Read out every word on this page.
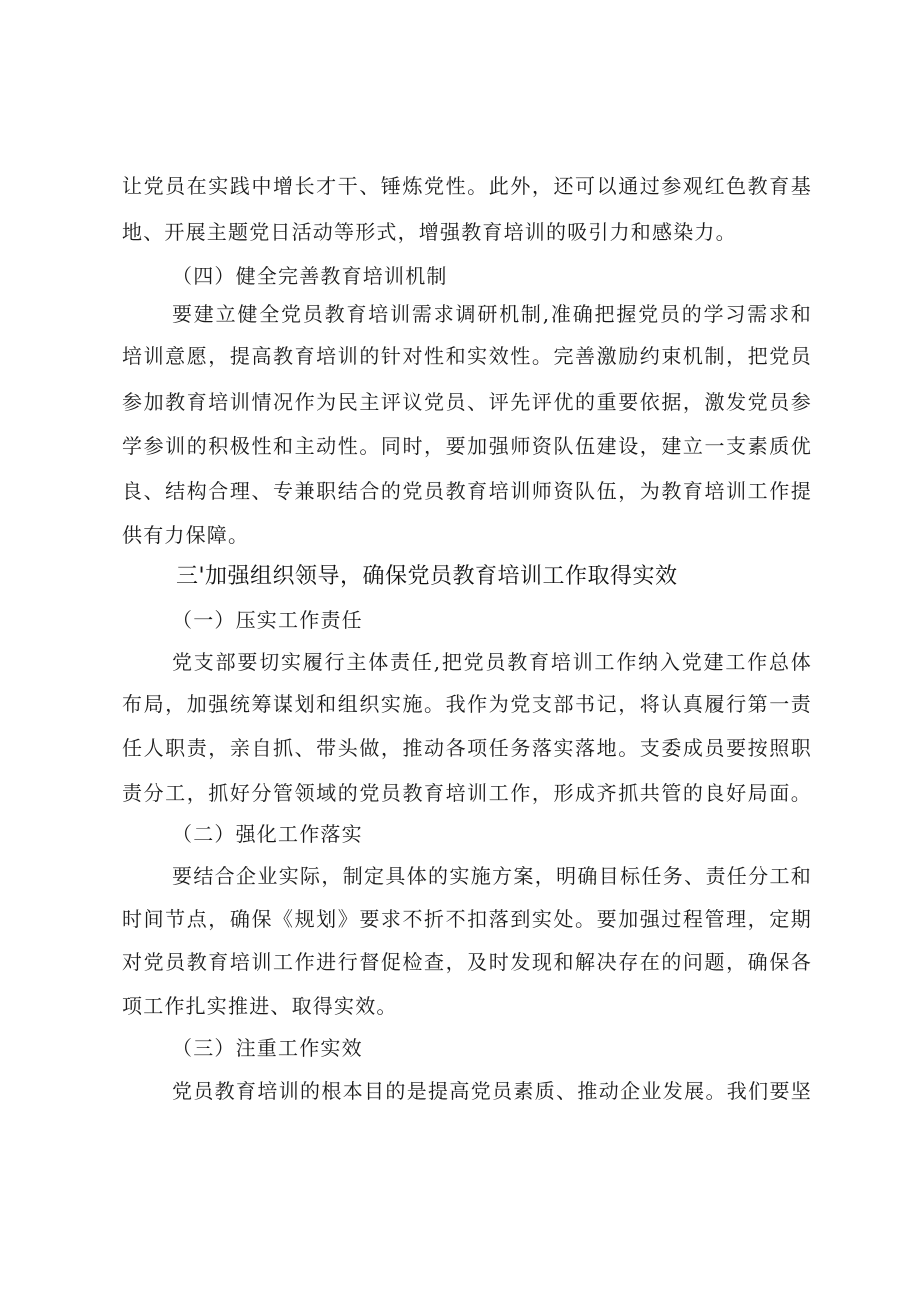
让党员在实践中增长才干、锤炼党性。此外，还可以通过参观红色教育基
地、开展主题党日活动等形式，增强教育培训的吸引力和感染力。
（四）健全完善教育培训机制
要建立健全党员教育培训需求调研机制,准确把握党员的学习需求和
培训意愿，提高教育培训的针对性和实效性。完善激励约束机制，把党员
参加教育培训情况作为民主评议党员、评先评优的重要依据，激发党员参
学参训的积极性和主动性。同时，要加强师资队伍建设，建立一支素质优
良、结构合理、专兼职结合的党员教育培训师资队伍，为教育培训工作提
供有力保障。
三'加强组织领导，确保党员教育培训工作取得实效
（一）压实工作责任
党支部要切实履行主体责任,把党员教育培训工作纳入党建工作总体
布局，加强统筹谋划和组织实施。我作为党支部书记，将认真履行第一责
任人职责，亲自抓、带头做，推动各项任务落实落地。支委成员要按照职
责分工，抓好分管领域的党员教育培训工作，形成齐抓共管的良好局面。
（二）强化工作落实
要结合企业实际，制定具体的实施方案，明确目标任务、责任分工和
时间节点，确保《规划》要求不折不扣落到实处。要加强过程管理，定期
对党员教育培训工作进行督促检查，及时发现和解决存在的问题，确保各
项工作扎实推进、取得实效。
（三）注重工作实效
党员教育培训的根本目的是提高党员素质、推动企业发展。我们要坚
